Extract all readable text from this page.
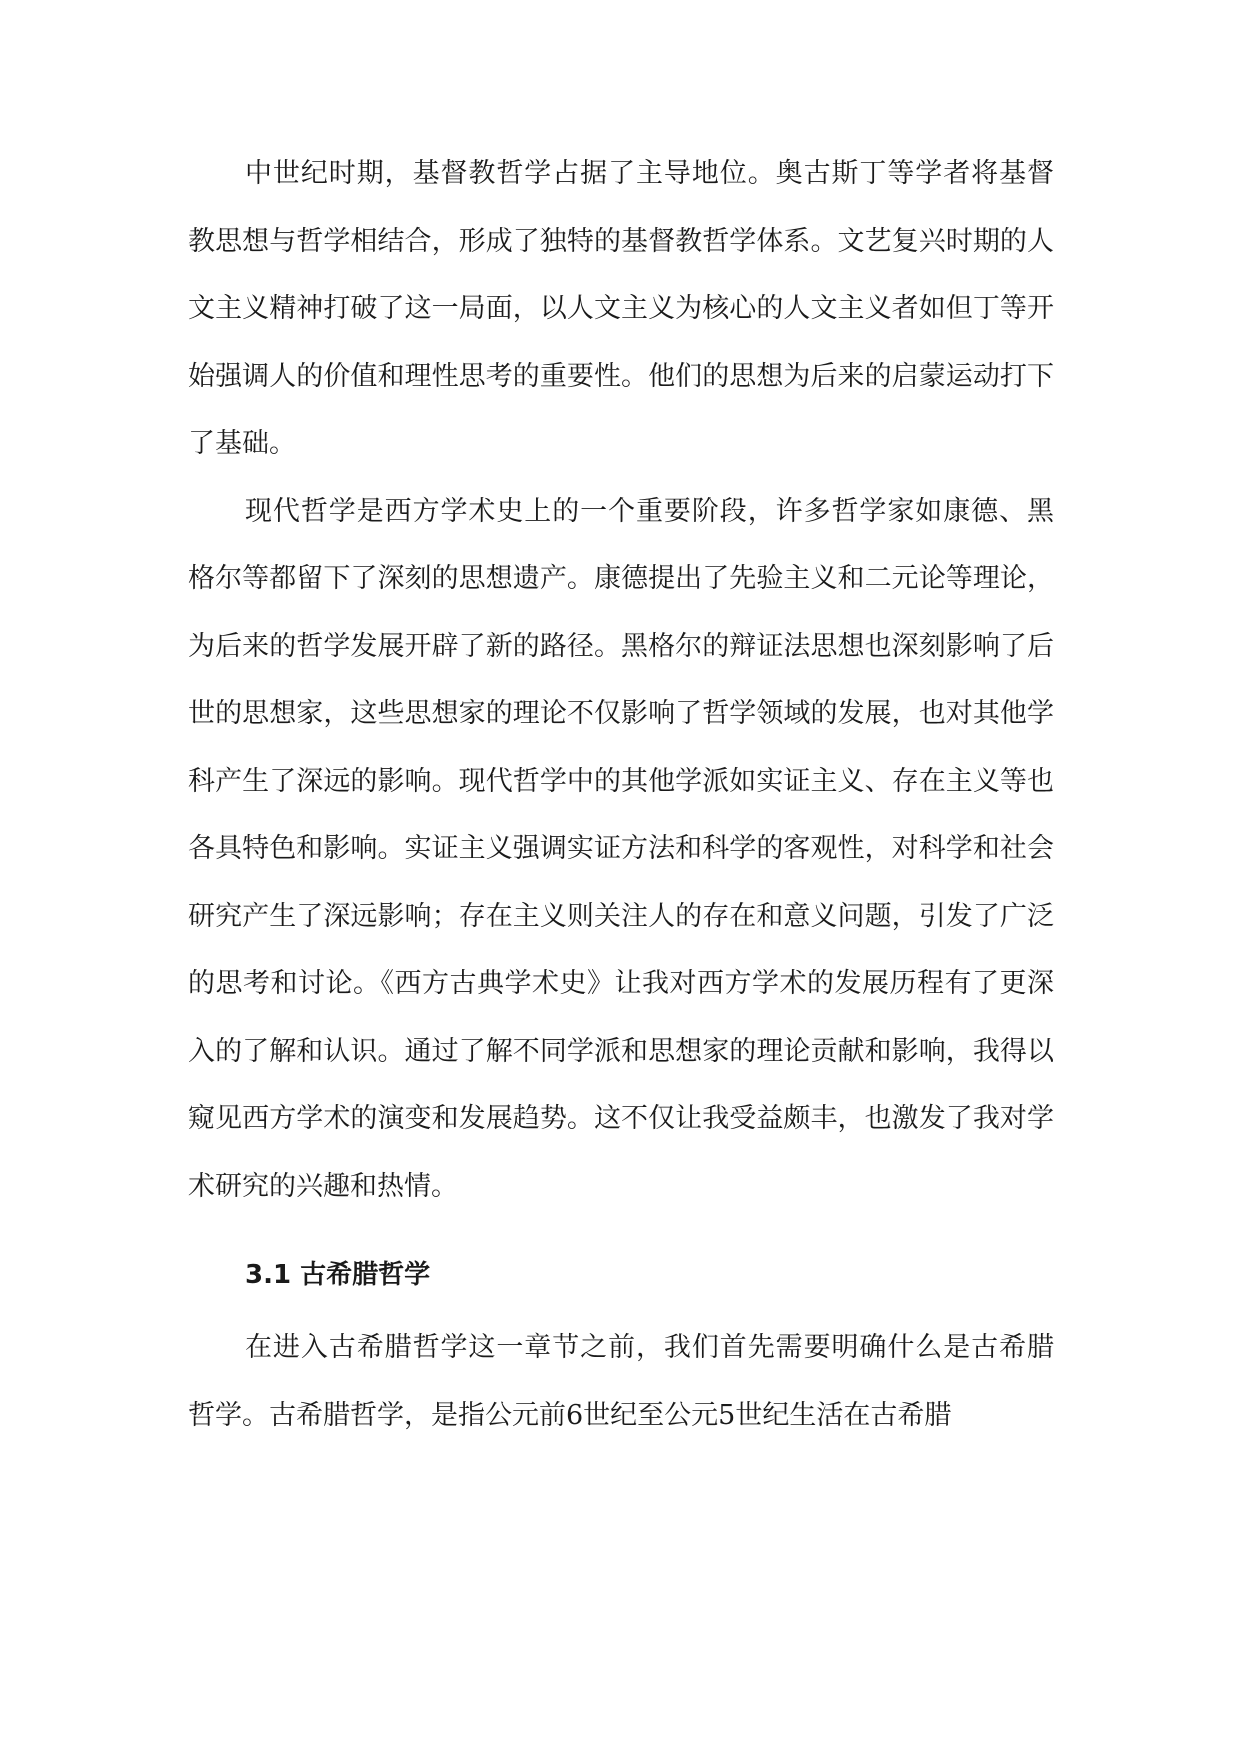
中世纪时期，基督教哲学占据了主导地位。奥古斯丁等学者将基督教思想与哲学相结合，形成了独特的基督教哲学体系。文艺复兴时期的人文主义精神打破了这一局面，以人文主义为核心的人文主义者如但丁等开始强调人的价值和理性思考的重要性。他们的思想为后来的启蒙运动打下了基础。

现代哲学是西方学术史上的一个重要阶段，许多哲学家如康德、黑格尔等都留下了深刻的思想遗产。康德提出了先验主义和二元论等理论，为后来的哲学发展开辟了新的路径。黑格尔的辩证法思想也深刻影响了后世的思想家，这些思想家的理论不仅影响了哲学领域的发展，也对其他学科产生了深远的影响。现代哲学中的其他学派如实证主义、存在主义等也各具特色和影响。实证主义强调实证方法和科学的客观性，对科学和社会研究产生了深远影响；存在主义则关注人的存在和意义问题，引发了广泛的思考和讨论。《西方古典学术史》让我对西方学术的发展历程有了更深入的了解和认识。通过了解不同学派和思想家的理论贡献和影响，我得以窥见西方学术的演变和发展趋势。这不仅让我受益颇丰，也激发了我对学术研究的兴趣和热情。

3.1 古希腊哲学

在进入古希腊哲学这一章节之前，我们首先需要明确什么是古希腊哲学。古希腊哲学，是指公元前6世纪至公元5世纪生活在古希腊
